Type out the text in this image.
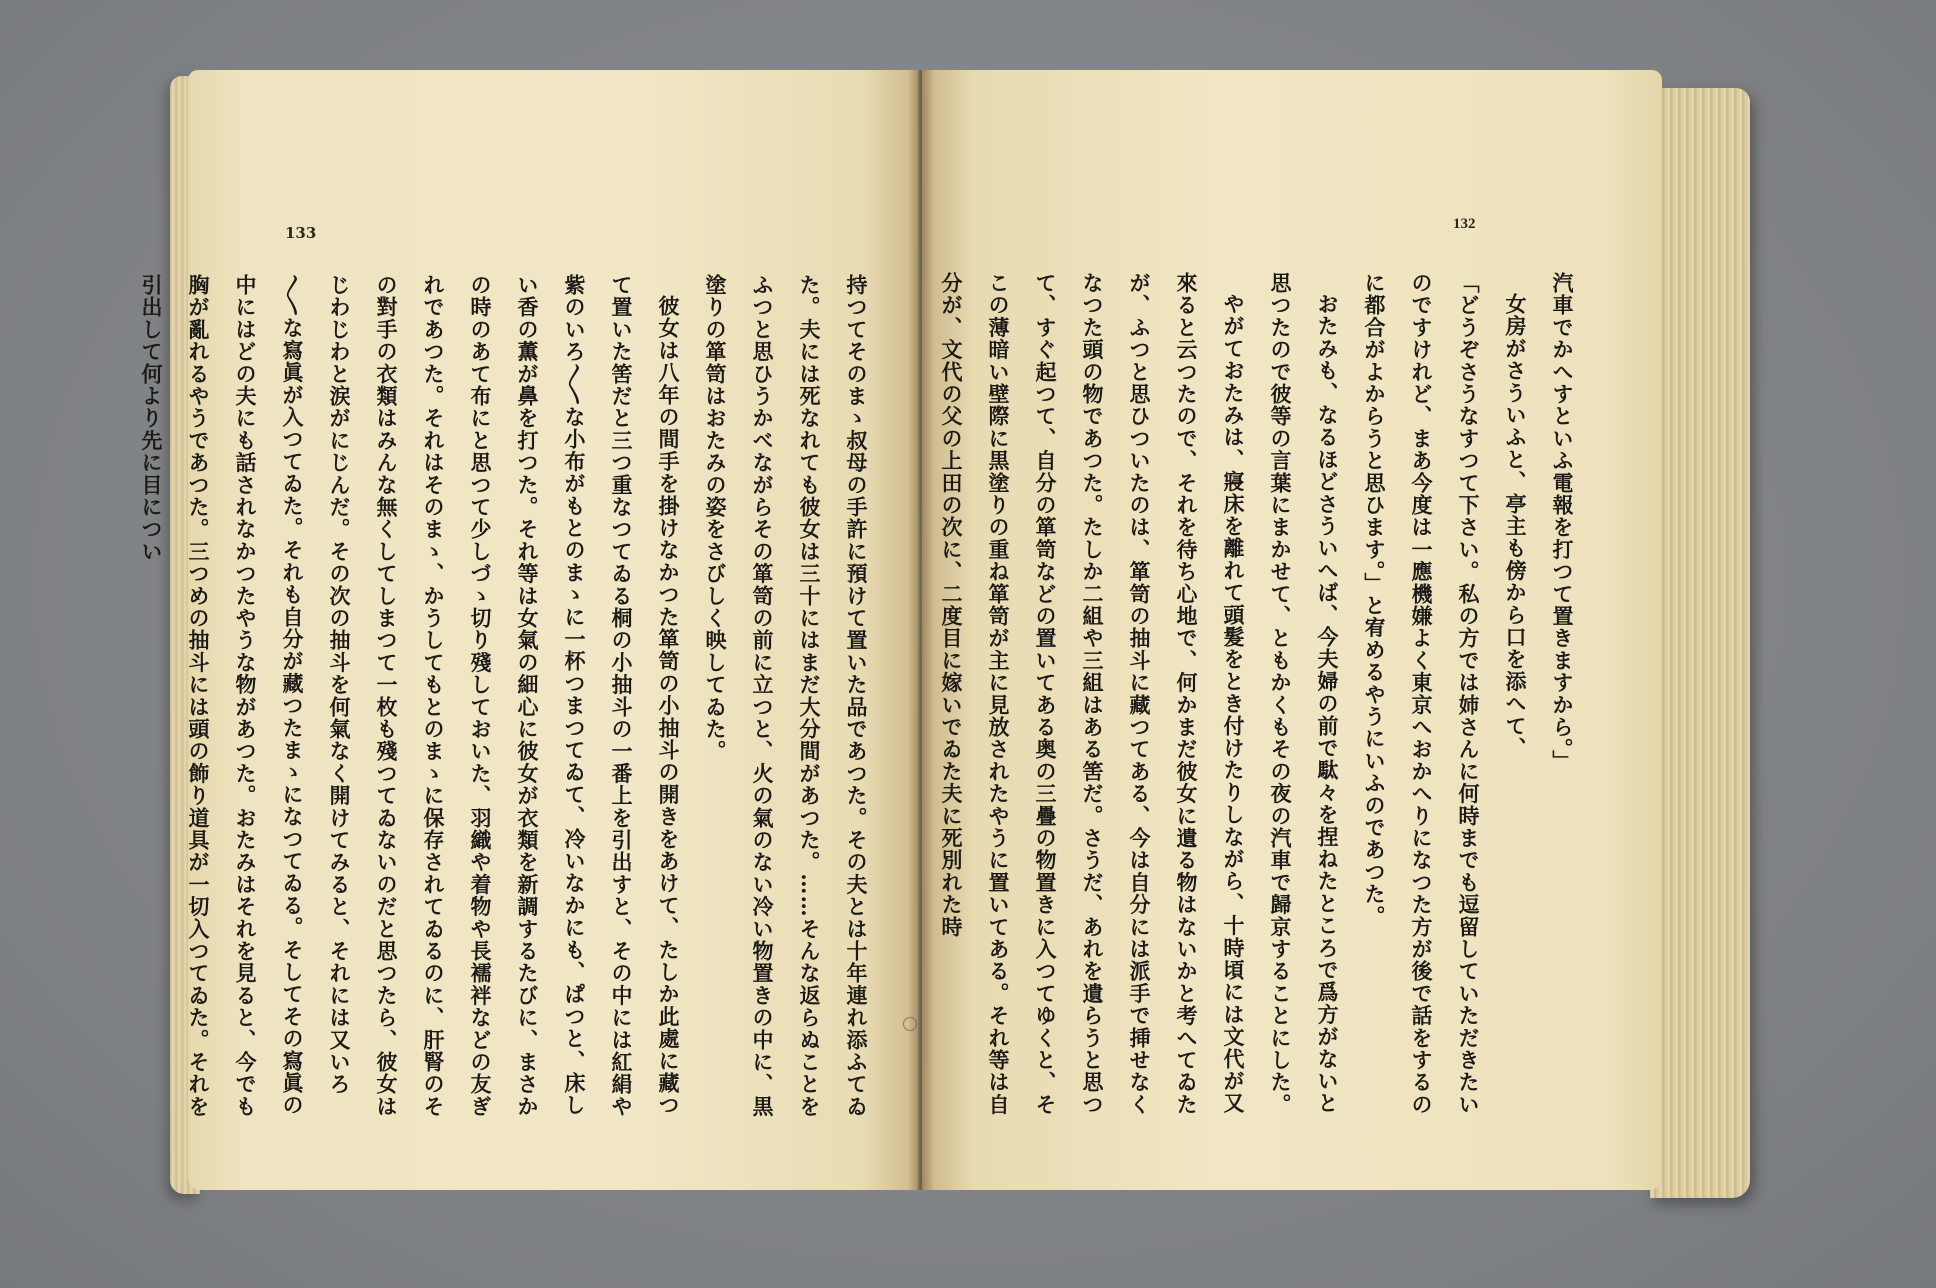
133

持つてそのまゝ叔母の手許に預けて置いた品であつた。その夫とは十年連れ添ふてゐた。夫には死なれても彼女は三十にはまだ大分間があつた。……そんな返らぬことをふつと思ひうかべながらその箪笥の前に立つと、火の氣のない冷い物置きの中に、黒塗りの箪笥はおたみの姿をさびしく映してゐた。

彼女は八年の間手を掛けなかつた箪笥の小抽斗の開きをあけて、たしか此處に藏つて置いた筈だと三つ重なつてゐる桐の小抽斗の一番上を引出すと、その中には紅絹や紫のいろ〳〵な小布がもとのまゝに一杯つまつてゐて、冷いなかにも、ぱつと、床しい香の薫が鼻を打つた。それ等は女氣の細心に彼女が衣類を新調するたびに、まさかの時のあて布にと思つて少しづゝ切り殘しておいた、羽織や着物や長襦袢などの友ぎれであつた。それはそのまゝ、かうしてもとのまゝに保存されてゐるのに、肝腎のその對手の衣類はみんな無くしてしまつて一枚も殘つてゐないのだと思つたら、彼女はじわじわと涙がにじんだ。その次の抽斗を何氣なく開けてみると、それには又いろ〳〵な寫眞が入つてゐた。それも自分が藏つたまゝになつてゐる。そしてその寫眞の中にはどの夫にも話されなかつたやうな物があつた。おたみはそれを見ると、今でも胸が亂れるやうであつた。三つめの抽斗には頭の飾り道具が一切入つてゐた。それを引出して何より先に目につい

132

汽車でかへすといふ電報を打つて置きますから。」

女房がさういふと、亭主も傍から口を添へて、

「どうぞさうなすつて下さい。私の方では姉さんに何時までも逗留していただきたいのですけれど、まあ今度は一應機嫌よく東京へおかへりになつた方が後で話をするのに都合がよからうと思ひます。」と宥めるやうにいふのであつた。

おたみも、なるほどさういへば、今夫婦の前で駄々を捏ねたところで爲方がないと思つたので彼等の言葉にまかせて、ともかくもその夜の汽車で歸京することにした。

やがておたみは、寢床を離れて頭髮をとき付けたりしながら、十時頃には文代が又來ると云つたので、それを待ち心地で、何かまだ彼女に遺る物はないかと考へてゐたが、ふつと思ひついたのは、箪笥の抽斗に藏つてある、今は自分には派手で挿せなくなつた頭の物であつた。たしか二組や三組はある筈だ。さうだ、あれを遺らうと思つて、すぐ起つて、自分の箪笥などの置いてある奥の三疊の物置きに入つてゆくと、そこの薄暗い壁際に黒塗りの重ね箪笥が主に見放されたやうに置いてある。それ等は自分が、文代の父の上田の次に、二度目に嫁いでゐた夫に死別れた時
